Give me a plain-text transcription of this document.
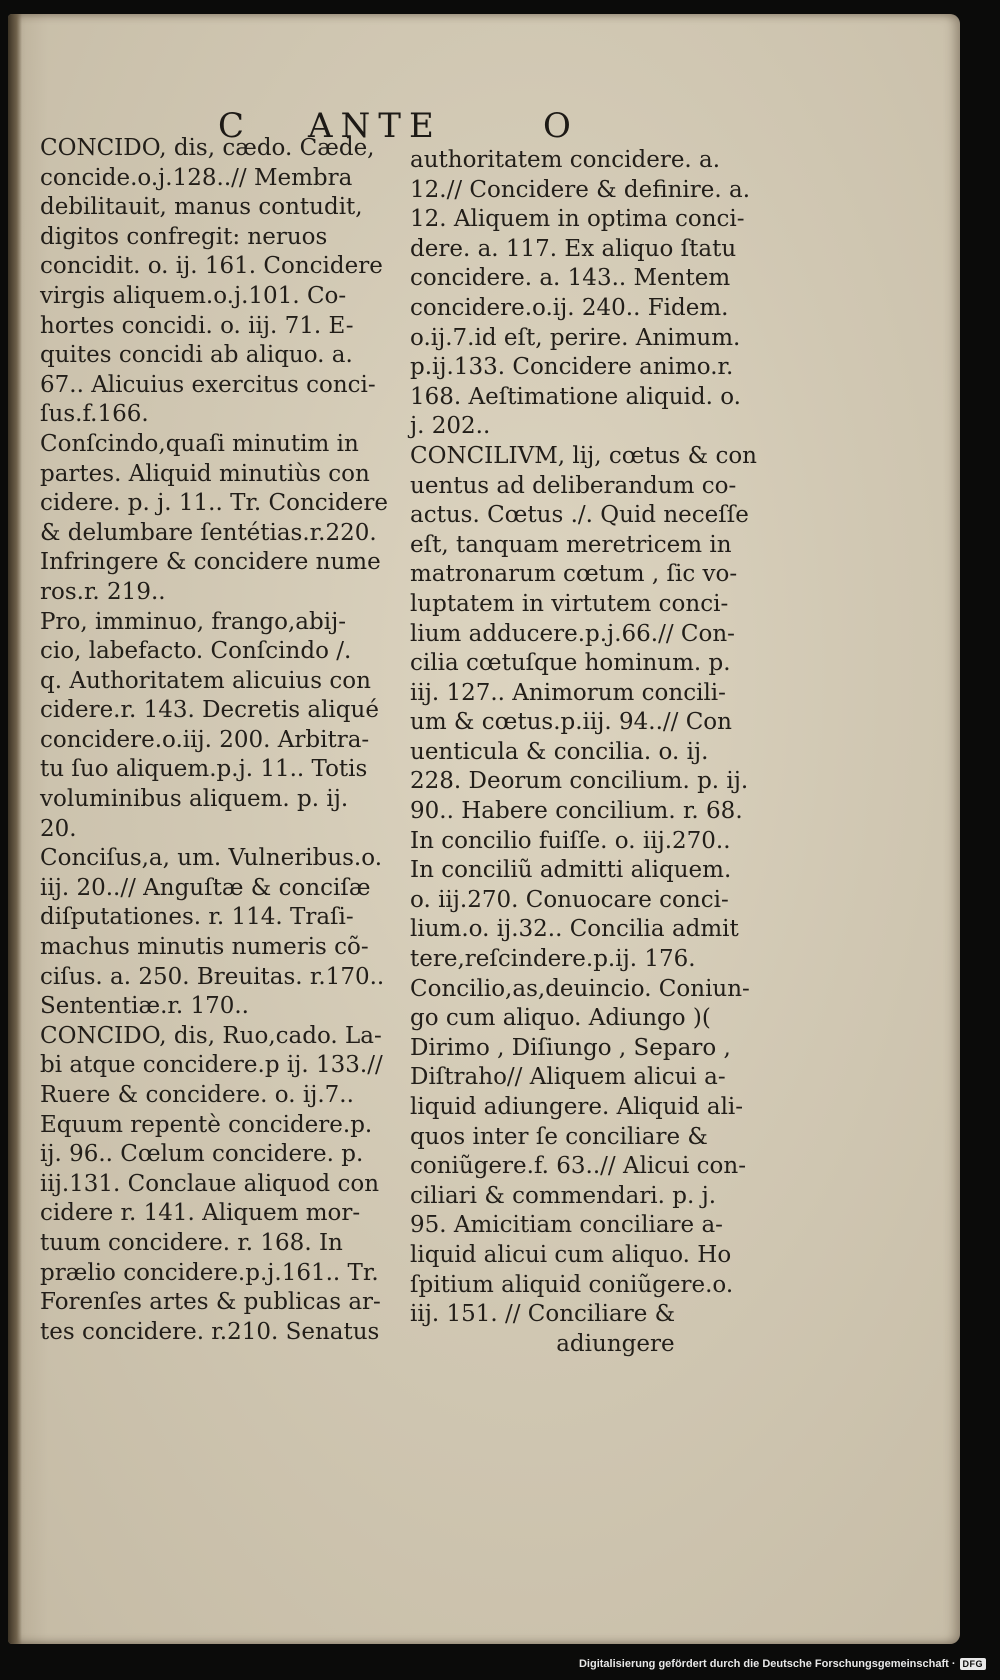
C ANTE	O
CONCIDO, dis, cædo. Cæde,
concide.o.j.128..// Membra
debilitauit, manus contudit,
digitos confregit: neruos
concidit. o. ij. 161. Concidere
virgis aliquem.o.j.101. Co-
hortes concidi. o. iij. 71. E-
quites concidi ab aliquo. a.
67.. Alicuius exercitus conci-
ſus.f.166.
Conſcindo,quaſi minutim in
partes. Aliquid minutiùs con
cidere. p. j. 11.. Tr. Concidere
& delumbare ſentétias.r.220.
Infringere & concidere nume
ros.r. 219..
Pro, imminuo, frango,abij-
cio, labefacto. Conſcindo /.
q. Authoritatem alicuius con
cidere.r. 143. Decretis aliqué
concidere.o.iij. 200. Arbitra-
tu ſuo aliquem.p.j. 11.. Totis
voluminibus aliquem. p. ij.
20.
Conciſus,a, um. Vulneribus.o.
iij. 20..// Anguſtæ & conciſæ
diſputationes. r. 114. Traſi-
machus minutis numeris cõ-
ciſus. a. 250. Breuitas. r.170..
Sententiæ.r. 170..
CONCIDO, dis, Ruo,cado. La-
bi atque concidere.p ij. 133.//
Ruere & concidere. o. ij.7..
Equum repentè concidere.p.
ij. 96.. Cœlum concidere. p.
iij.131. Conclaue aliquod con
cidere r. 141. Aliquem mor-
tuum concidere. r. 168. In
prælio concidere.p.j.161.. Tr.
Forenſes artes & publicas ar-
tes concidere. r.210. Senatus
authoritatem concidere. a.
12.// Concidere & definire. a.
12. Aliquem in optima conci-
dere. a. 117. Ex aliquo ſtatu
concidere. a. 143.. Mentem
concidere.o.ij. 240.. Fidem.
o.ij.7.id eſt, perire. Animum.
p.ij.133. Concidere animo.r.
168. Aeſtimatione aliquid. o.
j. 202..
CONCILIVM, lij, cœtus & con
uentus ad deliberandum co-
actus. Cœtus ./. Quid neceſſe
eſt, tanquam meretricem in
matronarum cœtum , ſic vo-
luptatem in virtutem conci-
lium adducere.p.j.66.// Con-
cilia cœtuſque hominum. p.
iij. 127.. Animorum concili-
um & cœtus.p.iij. 94..// Con
uenticula & concilia. o. ij.
228. Deorum concilium. p. ij.
90.. Habere concilium. r. 68.
In concilio fuiſſe. o. iij.270..
In conciliũ admitti aliquem.
o. iij.270. Conuocare conci-
lium.o. ij.32.. Concilia admit
tere,reſcindere.p.ij. 176.
Concilio,as,deuincio. Coniun-
go cum aliquo. Adiungo )(
Dirimo , Diſiungo , Separo ,
Diſtraho// Aliquem alicui a-
liquid adiungere. Aliquid ali-
quos inter ſe conciliare &
coniũgere.f. 63..// Alicui con-
ciliari & commendari. p. j.
95. Amicitiam conciliare a-
liquid alicui cum aliquo. Ho
ſpitium aliquid coniũgere.o.
iij. 151. // Conciliare &
adiungere
Digitalisierung gefördert durch die Deutsche Forschungsgemeinschaft · DFG
